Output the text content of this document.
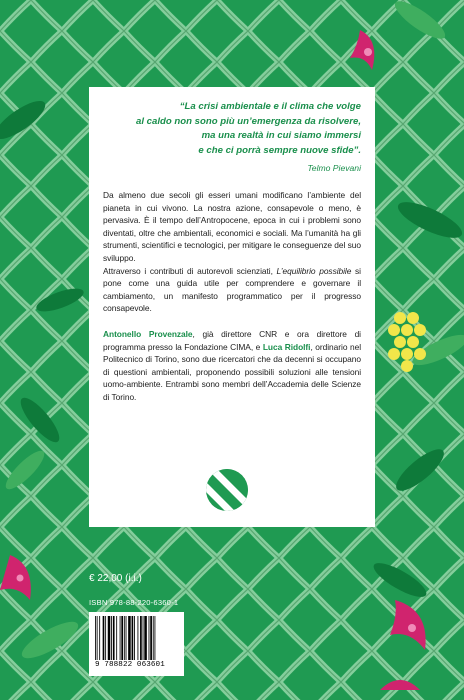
“La crisi ambientale e il clima che volge
al caldo non sono più un’emergenza da risolvere,
ma una realtà in cui siamo immersi
e che ci porrà sempre nuove sfide”.
Telmo Pievani

Da almeno due secoli gli esseri umani modificano l’ambiente del pianeta in cui vivono. La nostra azione, consapevole o meno, è pervasiva. È il tempo dell’Antropocene, epoca in cui i problemi sono diventati, oltre che ambientali, economici e sociali. Ma l’umanità ha gli strumenti, scientifici e tecnologici, per mitigare le conseguenze del suo sviluppo.

Attraverso i contributi di autorevoli scienziati, L’equilibrio possibile si pone come una guida utile per comprendere e governare il cambiamento, un manifesto programmatico per il progresso consapevole.

Antonello Provenzale, già direttore CNR e ora direttore di programma presso la Fondazione CIMA, e Luca Ridolfi, ordinario nel Politecnico di Torino, sono due ricercatori che da decenni si occupano di questioni ambientali, proponendo possibili soluzioni alle tensioni uomo-ambiente. Entrambi sono membri dell’Accademia delle Scienze di Torino.

€ 22,00 (i.i.)
ISBN 978-88-220-6360-1
9 788822 063601
